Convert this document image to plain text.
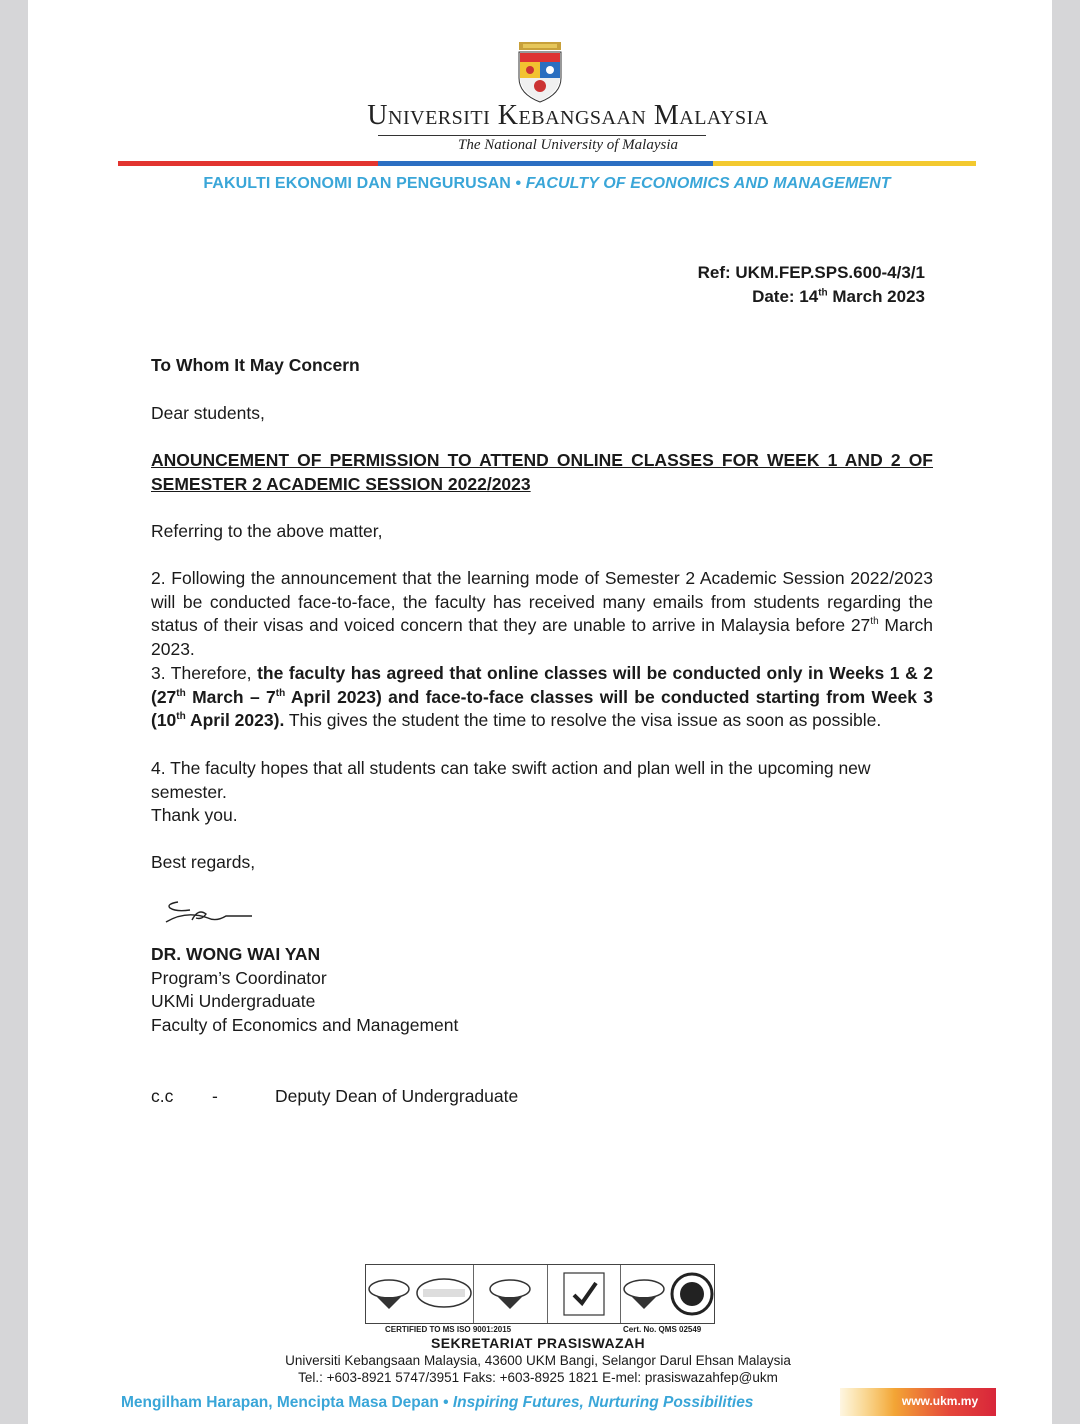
UNIVERSITI KEBANGSAAN MALAYSIA
The National University of Malaysia
FAKULTI EKONOMI DAN PENGURUSAN • FACULTY OF ECONOMICS AND MANAGEMENT
Ref: UKM.FEP.SPS.600-4/3/1
Date: 14th March 2023
To Whom It May Concern
Dear students,
ANOUNCEMENT OF PERMISSION TO ATTEND ONLINE CLASSES FOR WEEK 1 AND 2 OF SEMESTER 2 ACADEMIC SESSION 2022/2023
Referring to the above matter,
2. Following the announcement that the learning mode of Semester 2 Academic Session 2022/2023 will be conducted face-to-face, the faculty has received many emails from students regarding the status of their visas and voiced concern that they are unable to arrive in Malaysia before 27th March 2023.
3. Therefore, the faculty has agreed that online classes will be conducted only in Weeks 1 & 2 (27th March – 7th April 2023) and face-to-face classes will be conducted starting from Week 3 (10th April 2023). This gives the student the time to resolve the visa issue as soon as possible.
4. The faculty hopes that all students can take swift action and plan well in the upcoming new semester.
Thank you.
Best regards,
DR. WONG WAI YAN
Program’s Coordinator
UKMi Undergraduate
Faculty of Economics and Management
c.c -	Deputy Dean of Undergraduate
CERTIFIED TO MS ISO 9001:2015	Cert. No. QMS 02549
SEKRETARIAT PRASISWAZAH
Universiti Kebangsaan Malaysia, 43600 UKM Bangi, Selangor Darul Ehsan Malaysia
Tel.: +603-8921 5747/3951 Faks: +603-8925 1821 E-mel: prasiswazahfep@ukm
Mengilham Harapan, Mencipta Masa Depan • Inspiring Futures, Nurturing Possibilities	www.ukm.my
